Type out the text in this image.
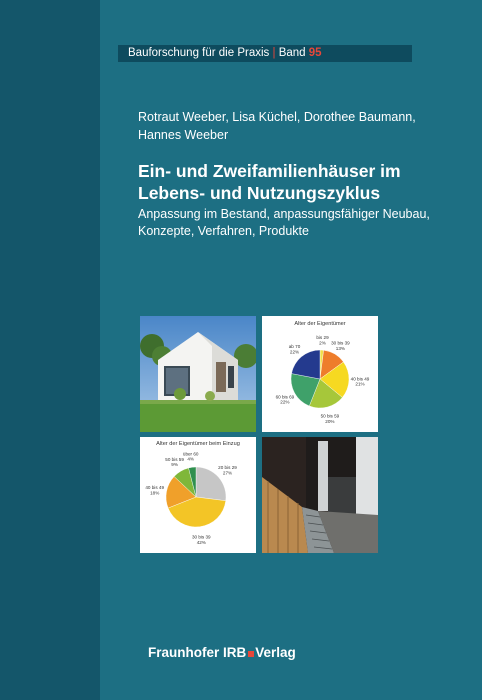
Bauforschung für die Praxis | Band 95
Rotraut Weeber, Lisa Küchel, Dorothee Baumann,
Hannes Weeber
Ein- und Zweifamilienhäuser im Lebens- und Nutzungszyklus

Anpassung im Bestand, anpassungsfähiger Neubau, Konzepte, Verfahren, Produkte

Alter der Eigentümer
bis 29
2% 30 bis 39
13%
40 bis 49
21%
50 bis 59
20%
60 bis 69
22%
ab 70
22%
Alter der Eigentümer beim Einzug
20 bis 29
27%
30 bis 39
42%
40 bis 49
18%
50 bis 59
9%
über 60
4%
Fraunhofer IRB Verlag
